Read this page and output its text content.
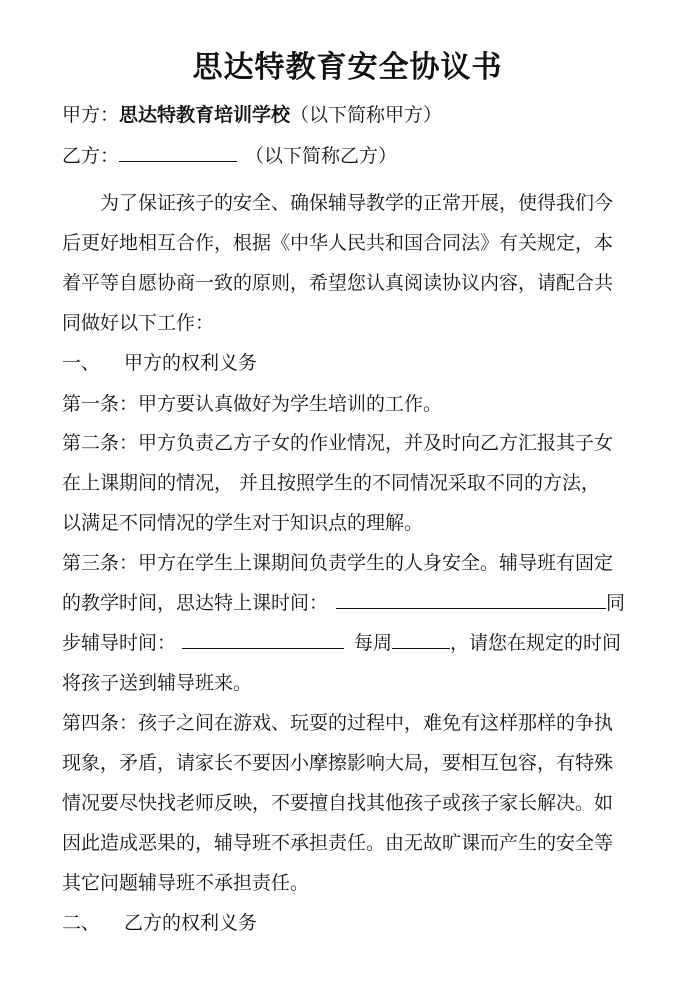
思达特教育安全协议书
甲方：思达特教育培训学校（以下简称甲方）
乙方：	（以下简称乙方）
为了保证孩子的安全、确保辅导教学的正常开展，使得我们今
后更好地相互合作，根据《中华人民共和国合同法》有关规定，本
着平等自愿协商一致的原则，希望您认真阅读协议内容，请配合共
同做好以下工作：
一、 甲方的权利义务
第一条：甲方要认真做好为学生培训的工作。
第二条：甲方负责乙方子女的作业情况，并及时向乙方汇报其子女
在上课期间的情况， 并且按照学生的不同情况采取不同的方法，
以满足不同情况的学生对于知识点的理解。
第三条：甲方在学生上课期间负责学生的人身安全。辅导班有固定
的教学时间，思达特上课时间：	同
步辅导时间：	每周	，请您在规定的时间
将孩子送到辅导班来。
第四条：孩子之间在游戏、玩耍的过程中，难免有这样那样的争执
现象，矛盾，请家长不要因小摩擦影响大局，要相互包容，有特殊
情况要尽快找老师反映，不要擅自找其他孩子或孩子家长解决。如
因此造成恶果的，辅导班不承担责任。由无故旷课而产生的安全等
其它问题辅导班不承担责任。
二、 乙方的权利义务
